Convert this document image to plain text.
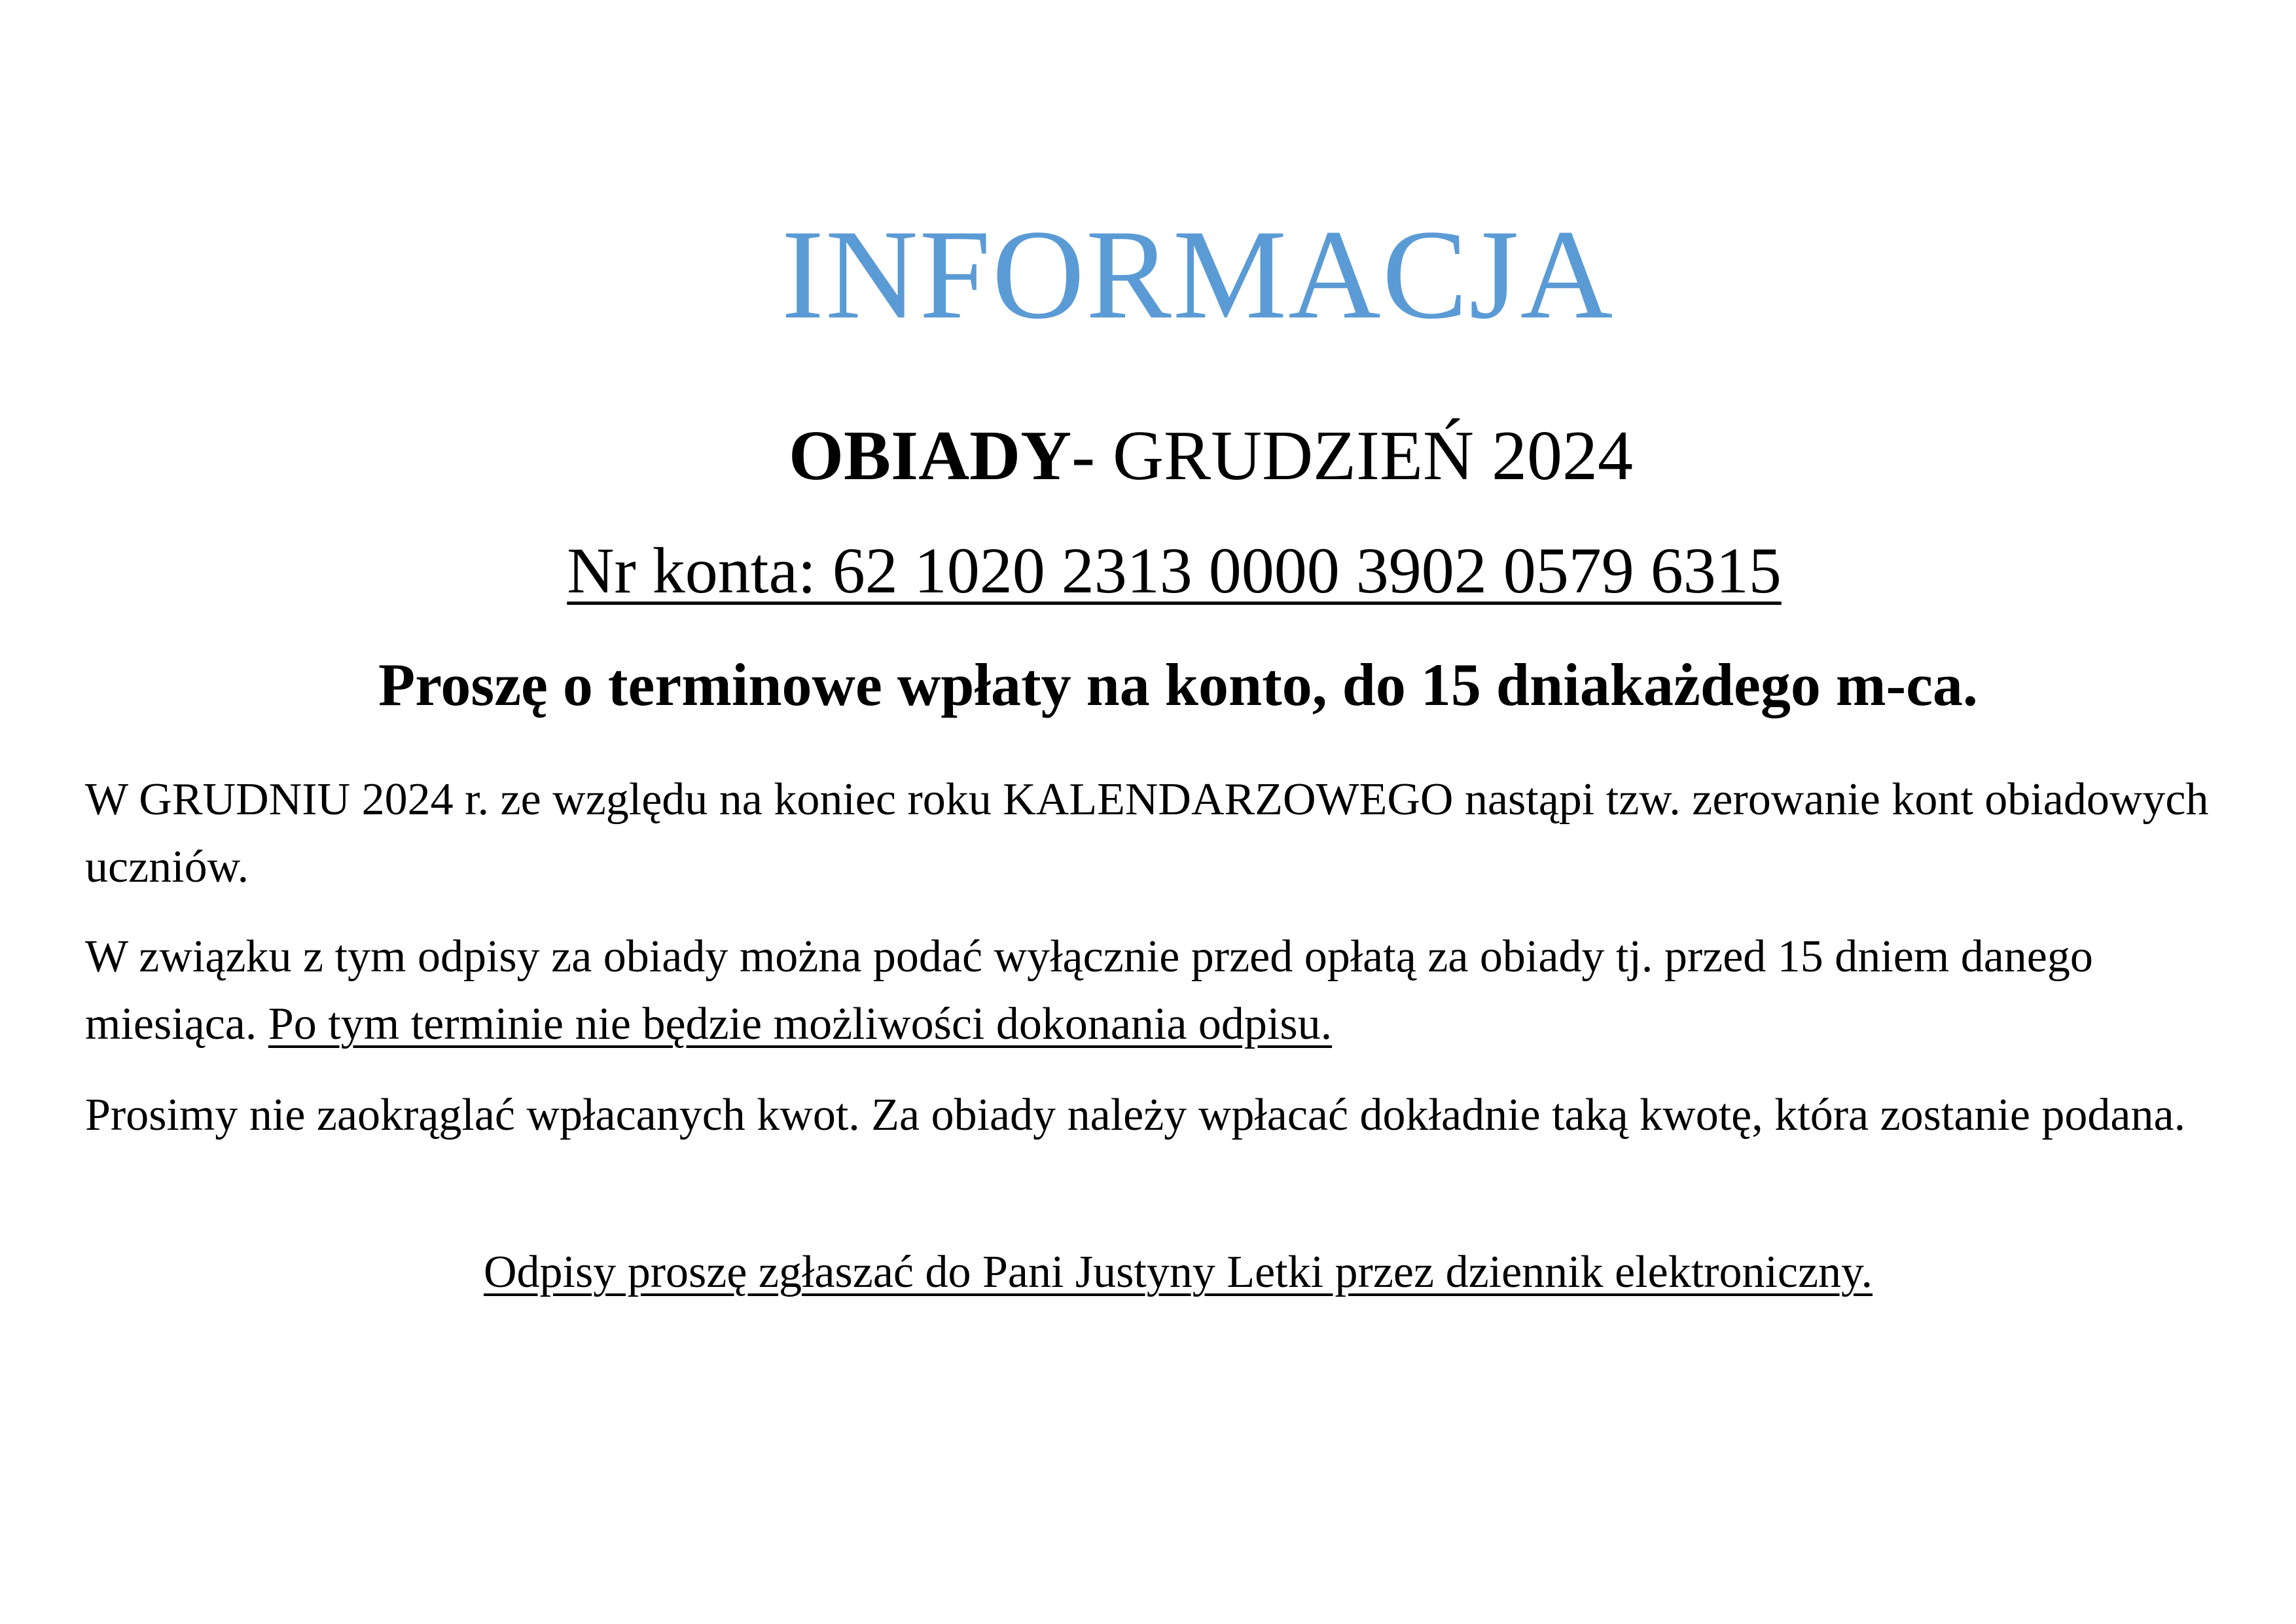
INFORMACJA
OBIADY- GRUDZIEŃ 2024

Nr konta: 62 1020 2313 0000 3902 0579 6315

Proszę o terminowe wpłaty na konto, do 15 dniakażdego m-ca.

W GRUDNIU 2024 r. ze względu na koniec roku KALENDARZOWEGO nastąpi tzw. zerowanie kont obiadowych uczniów.

W związku z tym odpisy za obiady można podać wyłącznie przed opłatą za obiady tj. przed 15 dniem danego miesiąca. Po tym terminie nie będzie możliwości dokonania odpisu.

Prosimy nie zaokrąglać wpłacanych kwot. Za obiady należy wpłacać dokładnie taką kwotę, która zostanie podana.

Odpisy proszę zgłaszać do Pani Justyny Letki przez dziennik elektroniczny.
